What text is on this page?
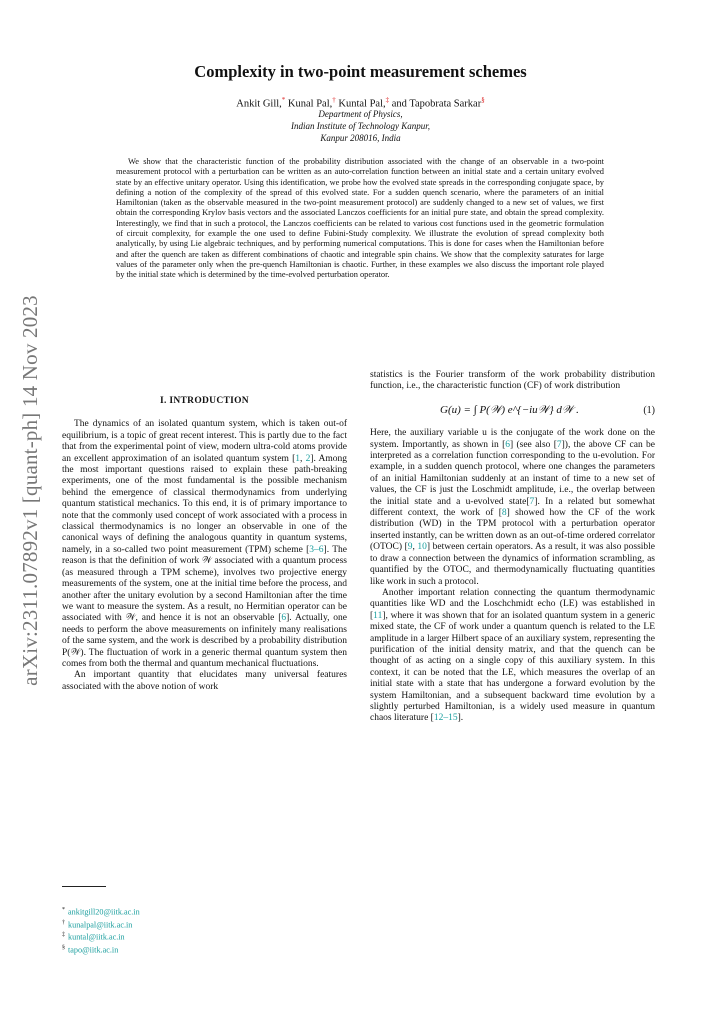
arXiv:2311.07892v1 [quant-ph] 14 Nov 2023
Complexity in two-point measurement schemes
Ankit Gill,* Kunal Pal,† Kuntal Pal,‡ and Tapobrata Sarkar§
Department of Physics,
Indian Institute of Technology Kanpur,
Kanpur 208016, India
We show that the characteristic function of the probability distribution associated with the change of an observable in a two-point measurement protocol with a perturbation can be written as an auto-correlation function between an initial state and a certain unitary evolved state by an effective unitary operator. Using this identification, we probe how the evolved state spreads in the corresponding conjugate space, by defining a notion of the complexity of the spread of this evolved state. For a sudden quench scenario, where the parameters of an initial Hamiltonian (taken as the observable measured in the two-point measurement protocol) are suddenly changed to a new set of values, we first obtain the corresponding Krylov basis vectors and the associated Lanczos coefficients for an initial pure state, and obtain the spread complexity. Interestingly, we find that in such a protocol, the Lanczos coefficients can be related to various cost functions used in the geometric formulation of circuit complexity, for example the one used to define Fubini-Study complexity. We illustrate the evolution of spread complexity both analytically, by using Lie algebraic techniques, and by performing numerical computations. This is done for cases when the Hamiltonian before and after the quench are taken as different combinations of chaotic and integrable spin chains. We show that the complexity saturates for large values of the parameter only when the pre-quench Hamiltonian is chaotic. Further, in these examples we also discuss the important role played by the initial state which is determined by the time-evolved perturbation operator.
I. INTRODUCTION

The dynamics of an isolated quantum system, which is taken out-of equilibrium, is a topic of great recent interest. This is partly due to the fact that from the experimental point of view, modern ultra-cold atoms provide an excellent approximation of an isolated quantum system [1, 2]. Among the most important questions raised to explain these path-breaking experiments, one of the most fundamental is the possible mechanism behind the emergence of classical thermodynamics from underlying quantum statistical mechanics. To this end, it is of primary importance to note that the commonly used concept of work associated with a process in classical thermodynamics is no longer an observable in one of the canonical ways of defining the analogous quantity in quantum systems, namely, in a so-called two point measurement (TPM) scheme [3–6]. The reason is that the definition of work 𝒲 associated with a quantum process (as measured through a TPM scheme), involves two projective energy measurements of the system, one at the initial time before the process, and another after the unitary evolution by a second Hamiltonian after the time we want to measure the system. As a result, no Hermitian operator can be associated with 𝒲, and hence it is not an observable [6]. Actually, one needs to perform the above measurements on infinitely many realisations of the same system, and the work is described by a probability distribution P(𝒲). The fluctuation of work in a generic thermal quantum system then comes from both the thermal and quantum mechanical fluctuations.

An important quantity that elucidates many universal features associated with the above notion of work

statistics is the Fourier transform of the work probability distribution function, i.e., the characteristic function (CF) of work distribution

G(u) = ∫ P(𝒲) e^{−iu𝒲} d𝒲 .	(1)

Here, the auxiliary variable u is the conjugate of the work done on the system. Importantly, as shown in [6] (see also [7]), the above CF can be interpreted as a correlation function corresponding to the u-evolution. For example, in a sudden quench protocol, where one changes the parameters of an initial Hamiltonian suddenly at an instant of time to a new set of values, the CF is just the Loschmidt amplitude, i.e., the overlap between the initial state and a u-evolved state[7]. In a related but somewhat different context, the work of [8] showed how the CF of the work distribution (WD) in the TPM protocol with a perturbation operator inserted instantly, can be written down as an out-of-time ordered correlator (OTOC) [9, 10] between certain operators. As a result, it was also possible to draw a connection between the dynamics of information scrambling, as quantified by the OTOC, and thermodynamically fluctuating quantities like work in such a protocol.

Another important relation connecting the quantum thermodynamic quantities like WD and the Loschchmidt echo (LE) was established in [11], where it was shown that for an isolated quantum system in a generic mixed state, the CF of work under a quantum quench is related to the LE amplitude in a larger Hilbert space of an auxiliary system, representing the purification of the initial density matrix, and that the quench can be thought of as acting on a single copy of this auxiliary system. In this context, it can be noted that the LE, which measures the overlap of an initial state with a state that has undergone a forward evolution by the system Hamiltonian, and a subsequent backward time evolution by a slightly perturbed Hamiltonian, is a widely used measure in quantum chaos literature [12–15].

* ankitgill20@iitk.ac.in
† kunalpal@iitk.ac.in
‡ kuntal@iitk.ac.in
§ tapo@iitk.ac.in
